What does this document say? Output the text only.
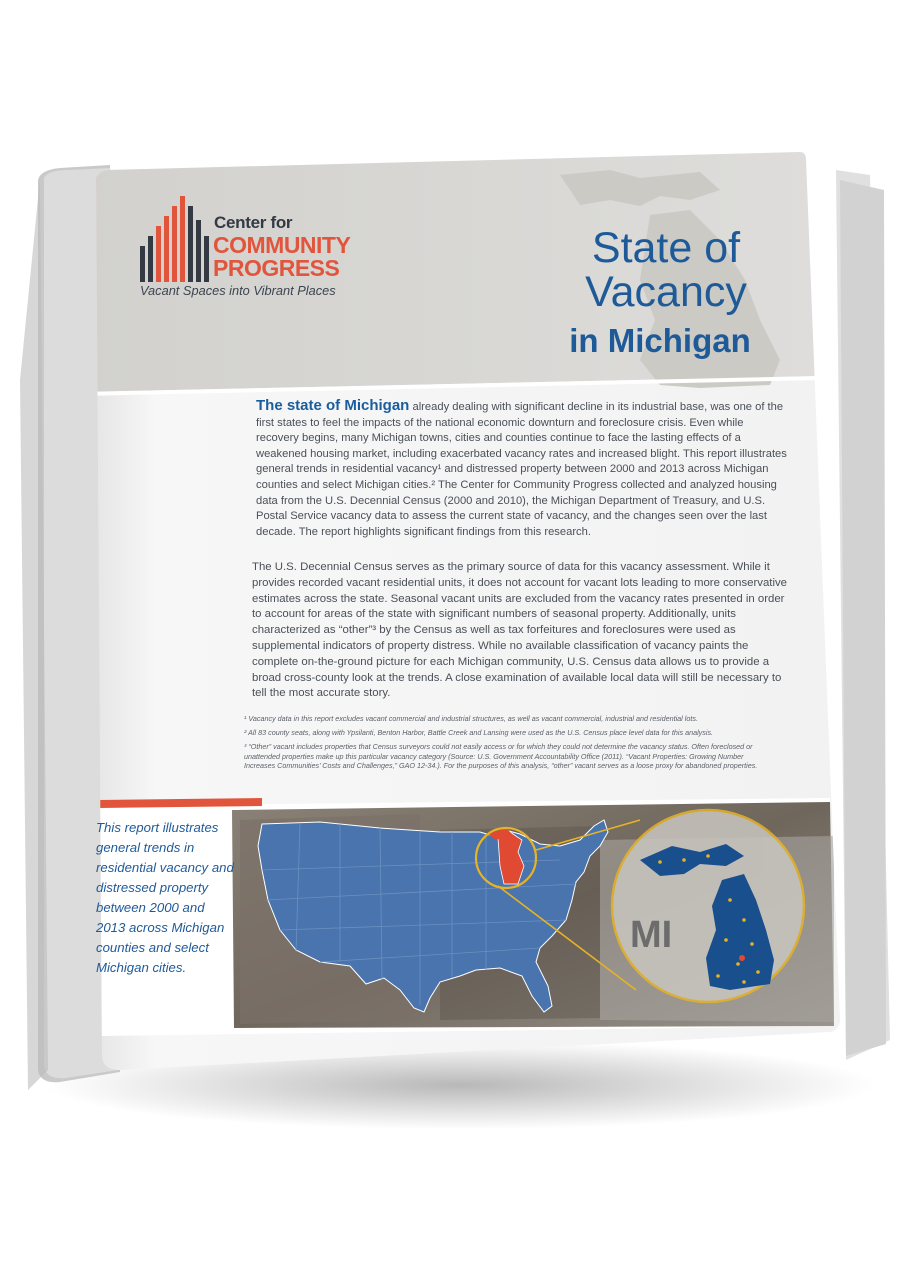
Center for
COMMUNITY
PROGRESS
Vacant Spaces into Vibrant Places
State of
Vacancy
in Michigan
The state of Michigan already dealing with significant decline in its industrial base, was one of the first states to feel the impacts of the national economic downturn and foreclosure crisis. Even while recovery begins, many Michigan towns, cities and counties continue to face the lasting effects of a weakened housing market, including exacerbated vacancy rates and increased blight. This report illustrates general trends in residential vacancy¹ and distressed property between 2000 and 2013 across Michigan counties and select Michigan cities.² The Center for Community Progress collected and analyzed housing data from the U.S. Decennial Census (2000 and 2010), the Michigan Department of Treasury, and U.S. Postal Service vacancy data to assess the current state of vacancy, and the changes seen over the last decade. The report highlights significant findings from this research.
The U.S. Decennial Census serves as the primary source of data for this vacancy assessment. While it provides recorded vacant residential units, it does not account for vacant lots leading to more conservative estimates across the state. Seasonal vacant units are excluded from the vacancy rates presented in order to account for areas of the state with significant numbers of seasonal property. Additionally, units characterized as “other”³ by the Census as well as tax forfeitures and foreclosures were used as supplemental indicators of property distress. While no available classification of vacancy paints the complete on-the-ground picture for each Michigan community, U.S. Census data allows us to provide a broad cross-county look at the trends. A close examination of available local data will still be necessary to tell the most accurate story.
¹ Vacancy data in this report excludes vacant commercial and industrial structures, as well as vacant commercial, industrial and residential lots.
² All 83 county seats, along with Ypsilanti, Benton Harbor, Battle Creek and Lansing were used as the U.S. Census place level data for this analysis.
³ “Other” vacant includes properties that Census surveyors could not easily access or for which they could not determine the vacancy status. Often foreclosed or unattended properties make up this particular vacancy category (Source: U.S. Government Accountability Office (2011). “Vacant Properties: Growing Number Increases Communities’ Costs and Challenges,” GAO 12-34.). For the purposes of this analysis, “other” vacant serves as a loose proxy for abandoned properties.
This report illustrates general trends in residential vacancy and distressed property between 2000 and 2013 across Michigan counties and select Michigan cities.
MI
